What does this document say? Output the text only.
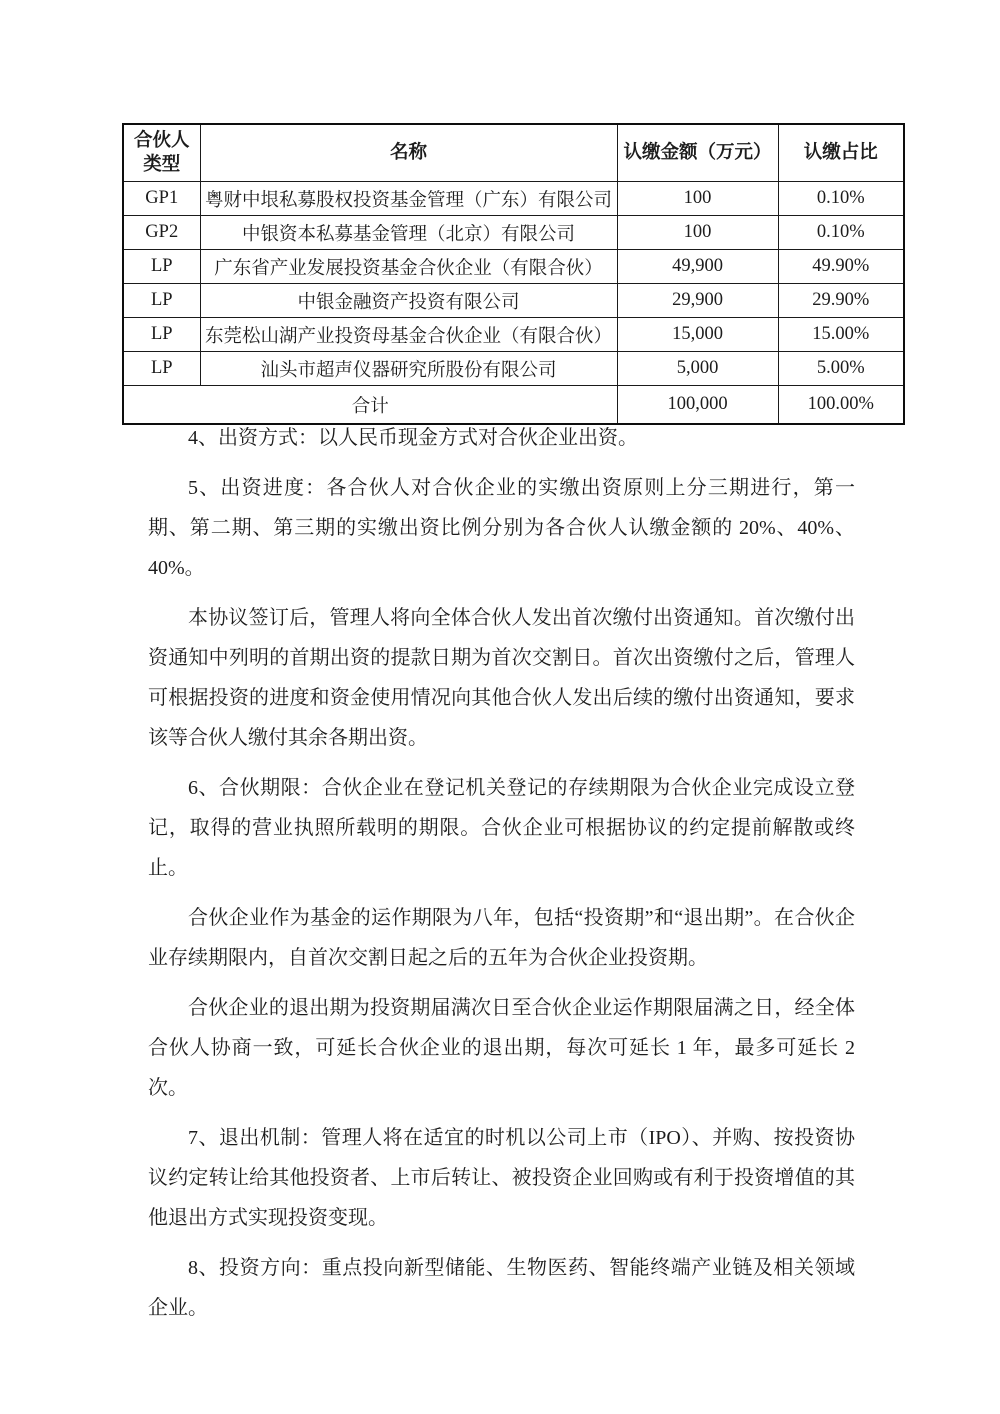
合伙人类型	名称	认缴金额（万元）	认缴占比
GP1	粤财中垠私募股权投资基金管理（广东）有限公司	100	0.10%
GP2	中银资本私募基金管理（北京）有限公司	100	0.10%
LP	广东省产业发展投资基金合伙企业（有限合伙）	49,900	49.90%
LP	中银金融资产投资有限公司	29,900	29.90%
LP	东莞松山湖产业投资母基金合伙企业（有限合伙）	15,000	15.00%
LP	汕头市超声仪器研究所股份有限公司	5,000	5.00%
合计		100,000	100.00%

4、出资方式：以人民币现金方式对合伙企业出资。

5、出资进度：各合伙人对合伙企业的实缴出资原则上分三期进行，第一期、第二期、第三期的实缴出资比例分别为各合伙人认缴金额的 20%、40%、40%。

本协议签订后，管理人将向全体合伙人发出首次缴付出资通知。首次缴付出资通知中列明的首期出资的提款日期为首次交割日。首次出资缴付之后，管理人可根据投资的进度和资金使用情况向其他合伙人发出后续的缴付出资通知，要求该等合伙人缴付其余各期出资。

6、合伙期限：合伙企业在登记机关登记的存续期限为合伙企业完成设立登记，取得的营业执照所载明的期限。合伙企业可根据协议的约定提前解散或终止。

合伙企业作为基金的运作期限为八年，包括“投资期”和“退出期”。在合伙企业存续期限内，自首次交割日起之后的五年为合伙企业投资期。

合伙企业的退出期为投资期届满次日至合伙企业运作期限届满之日，经全体合伙人协商一致，可延长合伙企业的退出期，每次可延长 1 年，最多可延长 2 次。

7、退出机制：管理人将在适宜的时机以公司上市（IPO）、并购、按投资协议约定转让给其他投资者、上市后转让、被投资企业回购或有利于投资增值的其他退出方式实现投资变现。

8、投资方向：重点投向新型储能、生物医药、智能终端产业链及相关领域企业。
